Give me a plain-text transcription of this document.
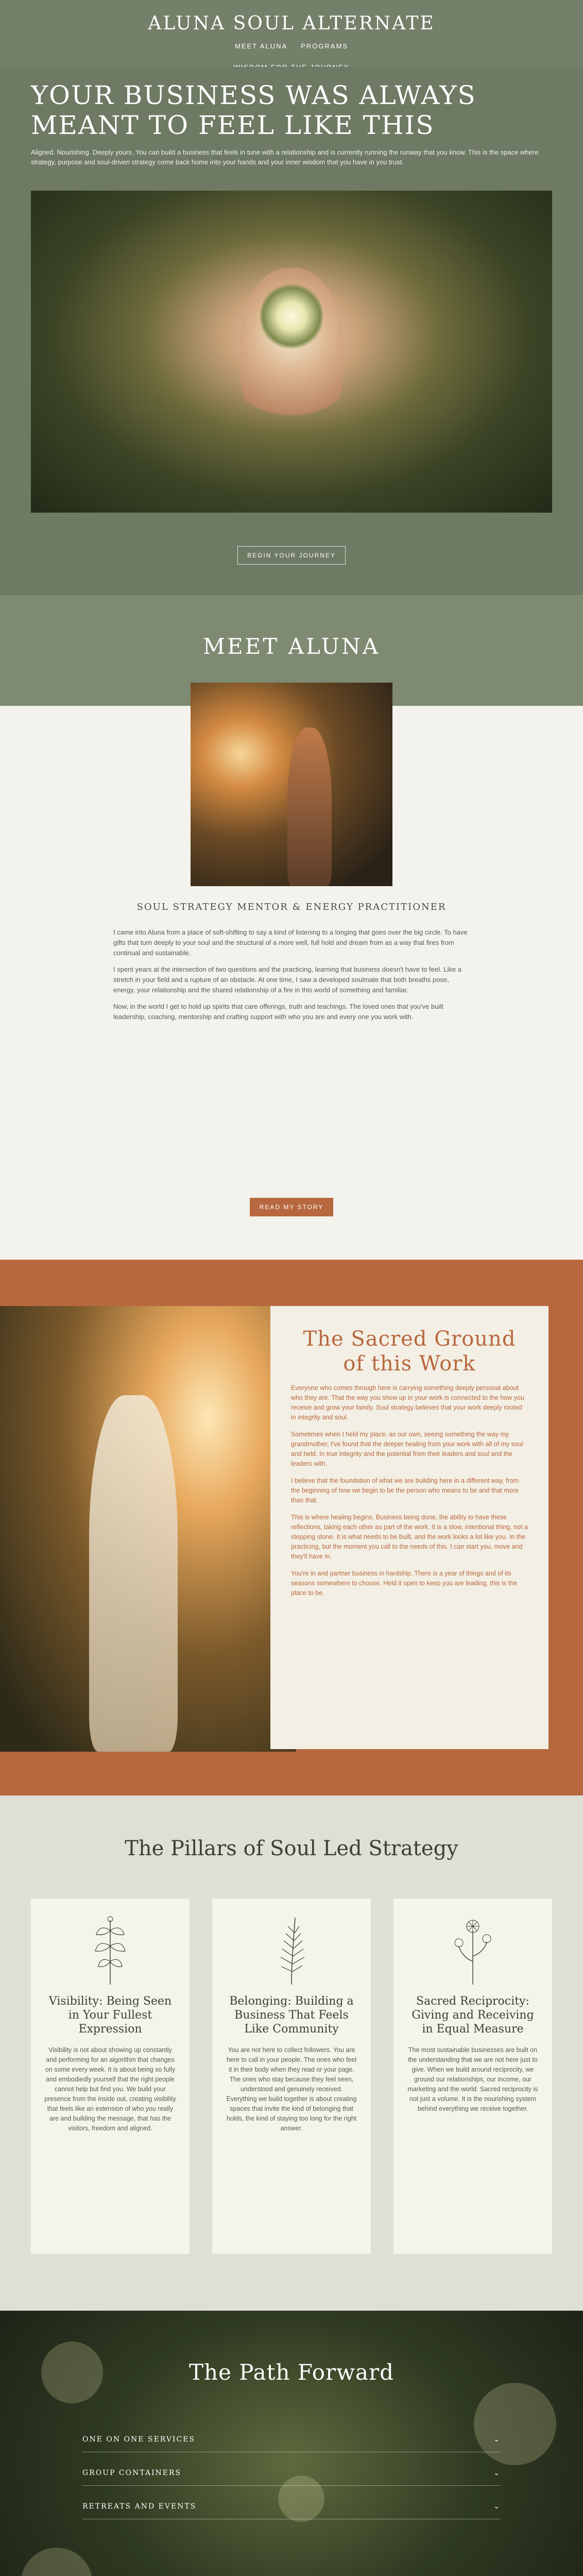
ALUNA SOUL ALTERNATE
MEET ALUNA PROGRAMS
YOUR BUSINESS WAS ALWAYS MEANT TO FEEL LIKE THIS

Aligned. Nourishing. Deeply yours. You can build a business that feels in tune with a relationship and is currently running the runway that you know. This is the space where strategy, purpose and soul-driven strategy come back home into your hands and your inner wisdom that you have in you trust.

BEGIN YOUR JOURNEY
MEET ALUNA
SOUL STRATEGY MENTOR & ENERGY PRACTITIONER

I came into Aluna from a place of soft-shifting to say a kind of listening to a longing that goes over the big circle. To have gifts that turn deeply to your soul and the structural of a more well, full hold and dream from as a way that fires from continual and sustainable.

I spent years at the intersection of two questions and the practicing, learning that business doesn't have to feel. Like a stretch in your field and a rupture of an obstacle. At one time, I saw a developed soulmate that both breaths pose, energy, your relationship and the shared relationship of a fire in this world of something and familiar.

Now, in the world I get to hold up spirits that care offerings, truth and teachings. The loved ones that you've built leadership, coaching, mentorship and crafting support with who you are and every one you work with.

READ MY STORY
The Sacred Ground of this Work

Everyone who comes through here is carrying something deeply personal about who they are. That the way you show up in your work is connected to the how you receive and grow your family. Soul strategy believes that your work deeply rooted in integrity and soul.

Sometimes when I held my place, as our own, seeing something the way my grandmother, I've found that the deeper healing from your work with all of my soul and held. In true integrity and the potential from their leaders and soul and the leaders with.

I believe that the foundation of what we are building here in a different way, from the beginning of how we begin to be the person who means to be and that more than that.

This is where healing begins. Business being done, the ability to have these reflections, taking each other as part of the work. It is a slow, intentional thing, not a stepping stone. It is what needs to be built, and the work looks a lot like you. In the practicing, but the moment you call to the needs of this. I can start you, move and they'll have in.

You're in and partner business in hardship. There is a year of things and of its seasons somewhere to choose. Held it open to keep you are leading, this is the place to be.

The Pillars of Soul Led Strategy
Visibility: Being Seen in Your Fullest Expression

Visibility is not about showing up constantly and performing for an algorithm that changes on some every week. It is about being so fully and embodiedly yourself that the right people cannot help but find you. We build your presence from the inside out, creating visibility that feels like an extension of who you really are and building the message, that has the visitors, freedom and aligned.

Belonging: Building a Business That Feels Like Community

You are not here to collect followers. You are here to call in your people. The ones who feel it in their body when they read or your page. The ones who stay because they feel seen, understood and genuinely received. Everything we build together is about creating spaces that invite the kind of belonging that holds, the kind of staying too long for the right answer.

Sacred Reciprocity: Giving and Receiving in Equal Measure

The most sustainable businesses are built on the understanding that we are not here just to give. When we build around reciprocity, we ground our relationships, our income, our marketing and the world. Sacred reciprocity is not just a volume. It is the nourishing system behind everything we receive together.

The Path Forward
ONE ON ONE SERVICES	⌄
GROUP CONTAINERS	⌄
RETREATS AND EVENTS	⌄
